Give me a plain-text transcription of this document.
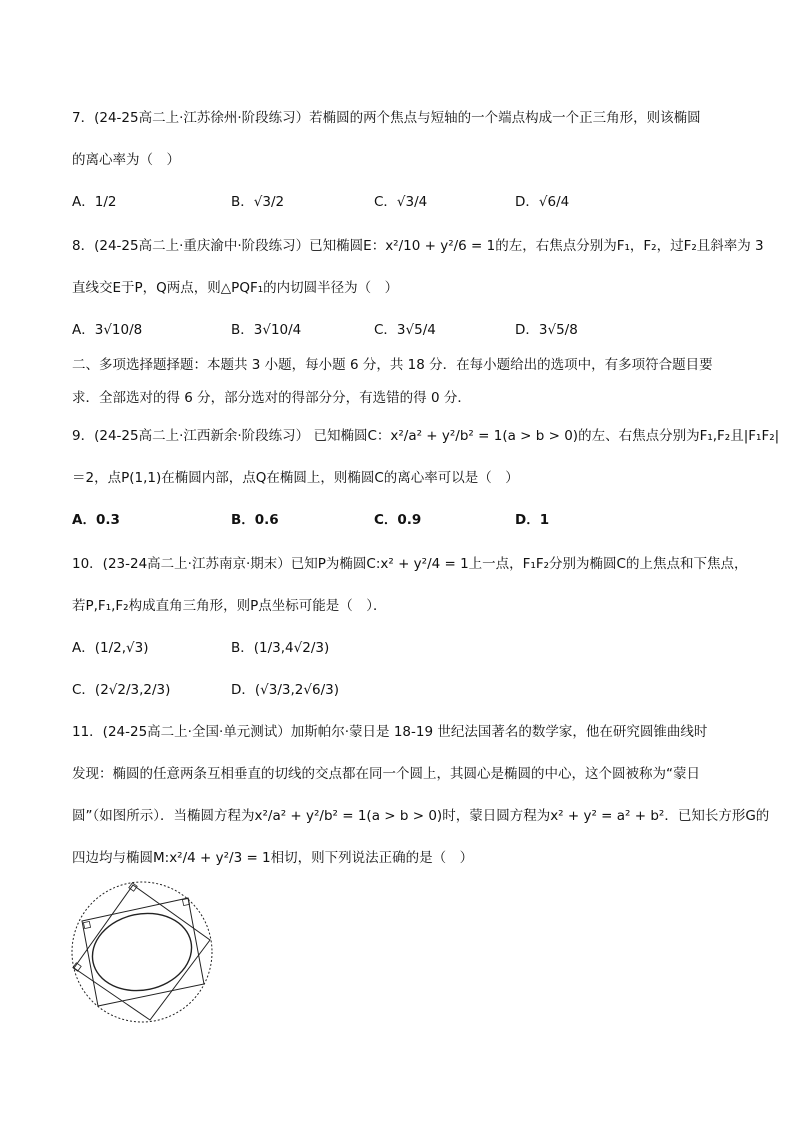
7．(24-25高二上·江苏徐州·阶段练习）若椭圆的两个焦点与短轴的一个端点构成一个正三角形，则该椭圆
的离心率为（　）
A．1/2	B．√3/2	C．√3/4	D．√6/4
8．(24-25高二上·重庆渝中·阶段练习）已知椭圆E：x²/10 + y²/6 = 1的左，右焦点分别为F₁，F₂，过F₂且斜率为 3
直线交E于P，Q两点，则△PQF₁的内切圆半径为（　）
A．3√10/8	B．3√10/4	C．3√5/4	D．3√5/8
二、多项选择题择题：本题共 3 小题，每小题 6 分，共 18 分．在每小题给出的选项中，有多项符合题目要
求．全部选对的得 6 分，部分选对的得部分分，有选错的得 0 分．
9．(24-25高二上·江西新余·阶段练习） 已知椭圆C：x²/a² + y²/b² = 1(a > b > 0)的左、右焦点分别为F₁,F₂且|F₁F₂|
＝2，点P(1,1)在椭圆内部，点Q在椭圆上，则椭圆C的离心率可以是（　）
A．0.3	B．0.6	C．0.9	D．1
10．(23-24高二上·江苏南京·期末）已知P为椭圆C:x² + y²/4 = 1上一点，F₁F₂分别为椭圆C的上焦点和下焦点，
若P,F₁,F₂构成直角三角形，则P点坐标可能是（　）．
A．(1/2,√3)	B．(1/3,4√2/3)
C．(2√2/3,2/3)	D．(√3/3,2√6/3)
11．(24-25高二上·全国·单元测试）加斯帕尔·蒙日是 18-19 世纪法国著名的数学家，他在研究圆锥曲线时
发现：椭圆的任意两条互相垂直的切线的交点都在同一个圆上，其圆心是椭圆的中心，这个圆被称为“蒙日
圆”（如图所示）．当椭圆方程为x²/a² + y²/b² = 1(a > b > 0)时，蒙日圆方程为x² + y² = a² + b²．已知长方形G的
四边均与椭圆M:x²/4 + y²/3 = 1相切，则下列说法正确的是（　）
